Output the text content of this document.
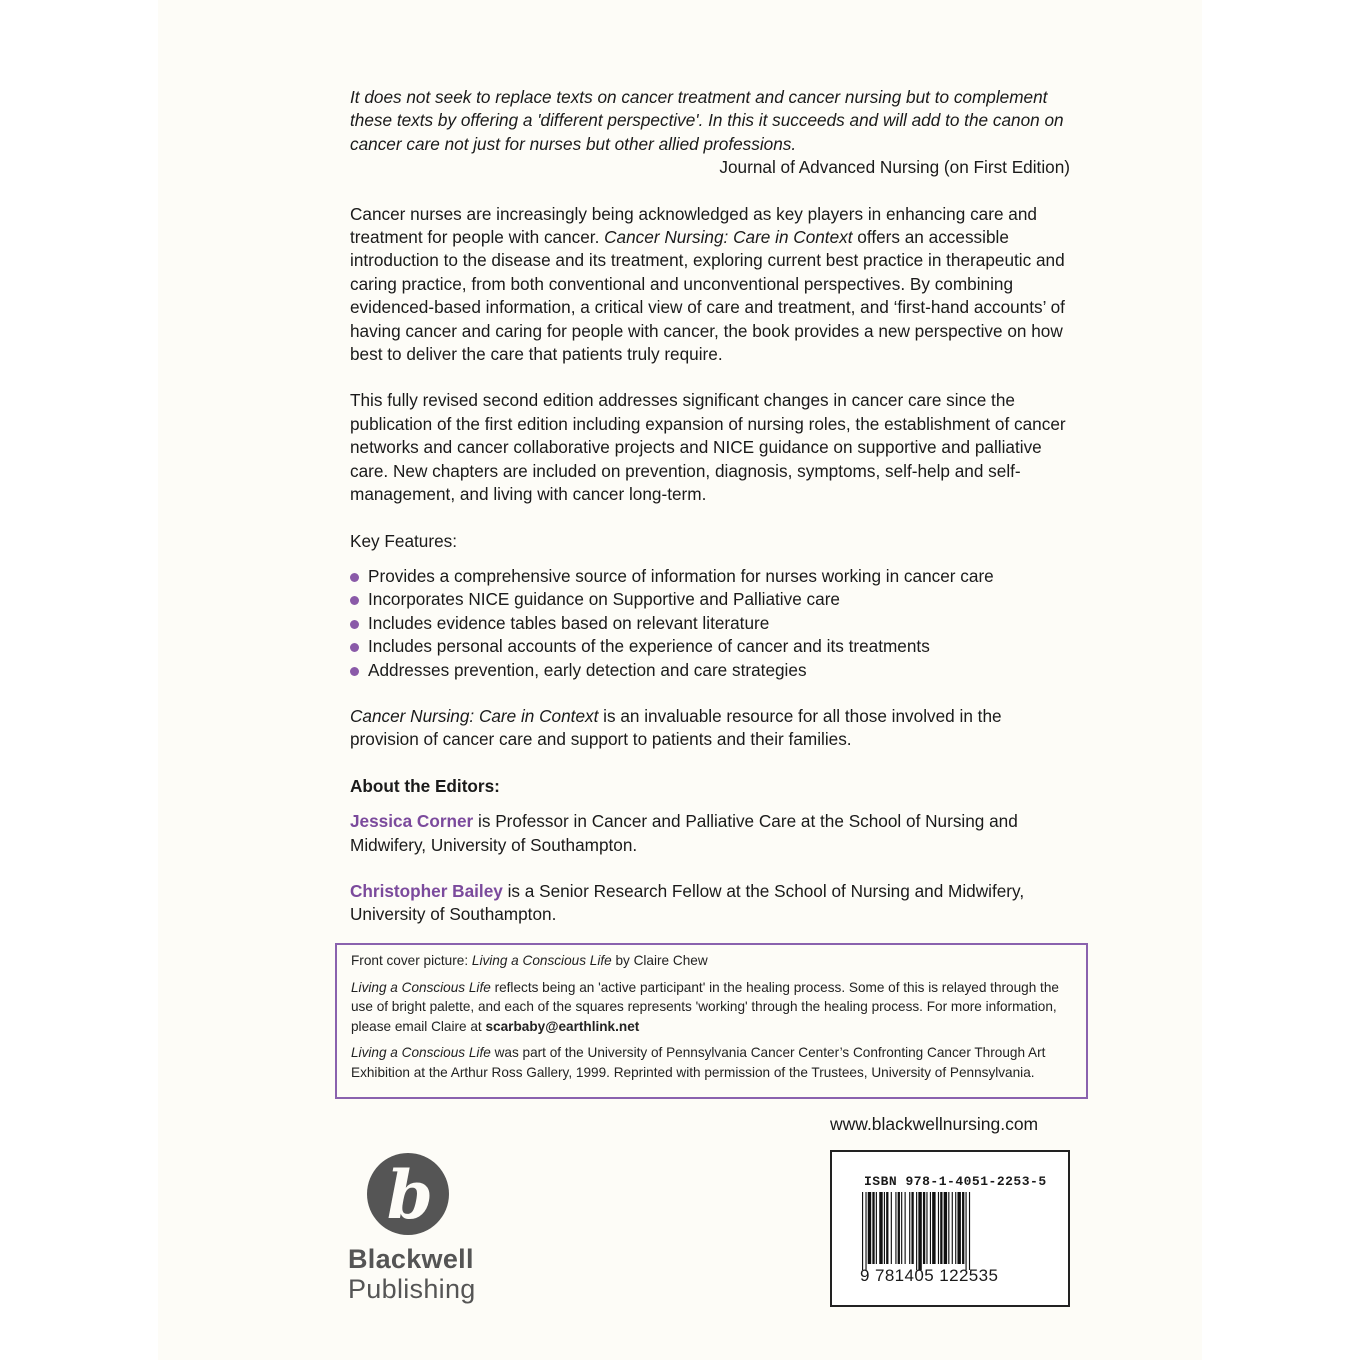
It does not seek to replace texts on cancer treatment and cancer nursing but to complement these texts by offering a 'different perspective'. In this it succeeds and will add to the canon on cancer care not just for nurses but other allied professions.

Journal of Advanced Nursing (on First Edition)

Cancer nurses are increasingly being acknowledged as key players in enhancing care and treatment for people with cancer. Cancer Nursing: Care in Context offers an accessible introduction to the disease and its treatment, exploring current best practice in therapeutic and caring practice, from both conventional and unconventional perspectives. By combining evidenced-based information, a critical view of care and treatment, and ‘first-hand accounts’ of having cancer and caring for people with cancer, the book provides a new perspective on how best to deliver the care that patients truly require.

This fully revised second edition addresses significant changes in cancer care since the publication of the first edition including expansion of nursing roles, the establishment of cancer networks and cancer collaborative projects and NICE guidance on supportive and palliative care. New chapters are included on prevention, diagnosis, symptoms, self-help and self-management, and living with cancer long-term.

Key Features:

Provides a comprehensive source of information for nurses working in cancer care
Incorporates NICE guidance on Supportive and Palliative care
Includes evidence tables based on relevant literature
Includes personal accounts of the experience of cancer and its treatments
Addresses prevention, early detection and care strategies

Cancer Nursing: Care in Context is an invaluable resource for all those involved in the provision of cancer care and support to patients and their families.

About the Editors:

Jessica Corner is Professor in Cancer and Palliative Care at the School of Nursing and Midwifery, University of Southampton.

Christopher Bailey is a Senior Research Fellow at the School of Nursing and Midwifery, University of Southampton.

Front cover picture: Living a Conscious Life by Claire Chew

Living a Conscious Life reflects being an 'active participant' in the healing process. Some of this is relayed through the use of bright palette, and each of the squares represents 'working' through the healing process. For more information, please email Claire at scarbaby@earthlink.net

Living a Conscious Life was part of the University of Pennsylvania Cancer Center’s Confronting Cancer Through Art Exhibition at the Arthur Ross Gallery, 1999. Reprinted with permission of the Trustees, University of Pennsylvania.

www.blackwellnursing.com
b
Blackwell
Publishing
ISBN 978-1-4051-2253-5
9 781405 122535
